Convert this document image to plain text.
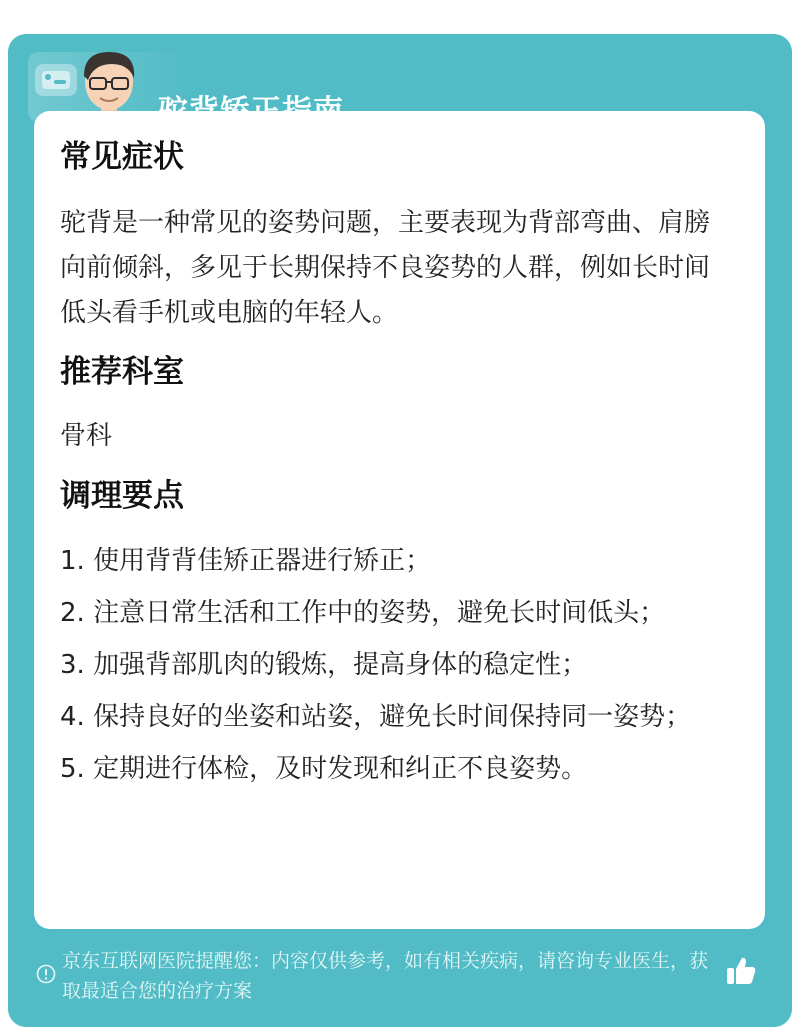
常见症状
驼背是一种常见的姿势问题，主要表现为背部弯曲、肩膀向前倾斜，多见于长期保持不良姿势的人群，例如长时间低头看手机或电脑的年轻人。
推荐科室
骨科
调理要点
1. 使用背背佳矫正器进行矫正；
2. 注意日常生活和工作中的姿势，避免长时间低头；
3. 加强背部肌肉的锻炼，提高身体的稳定性；
4. 保持良好的坐姿和站姿，避免长时间保持同一姿势；
5. 定期进行体检，及时发现和纠正不良姿势。
京东互联网医院提醒您：内容仅供参考，如有相关疾病，请咨询专业医生，获取最适合您的治疗方案
